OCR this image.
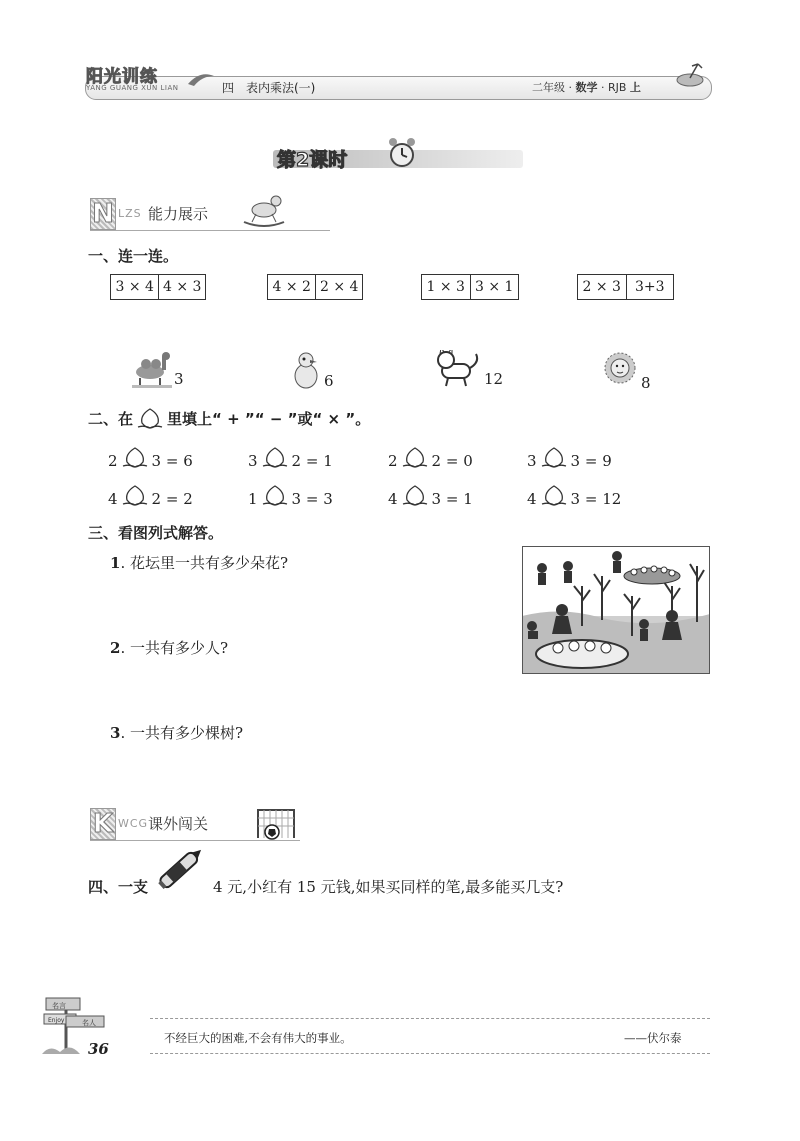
阳光训练
YANG GUANG XUN LIAN	四　表内乘法(一)	二年级 · 数学 · RJB 上
第2课时
N LZS 能力展示
一、连一连。
3 × 4 4 × 3	4 × 2 2 × 4	1 × 3 3 × 1	2 × 3	3+3
3	6	12	8
二、在 里填上“ + ”“ − ”或“ × ”。
2 3 = 6	3 2 = 1	2 2 = 0	3 3 = 9
4 2 = 2	1 3 = 3	4 3 = 1	4 3 = 12
三、看图列式解答。
1. 花坛里一共有多少朵花?
2. 一共有多少人?
3. 一共有多少棵树?
K WCG 课外闯关
四、一支	4 元,小红有 15 元钱,如果买同样的笔,最多能买几支?
名言
Enjoy	名人
36
不经巨大的困难,不会有伟大的事业。	——伏尔泰
